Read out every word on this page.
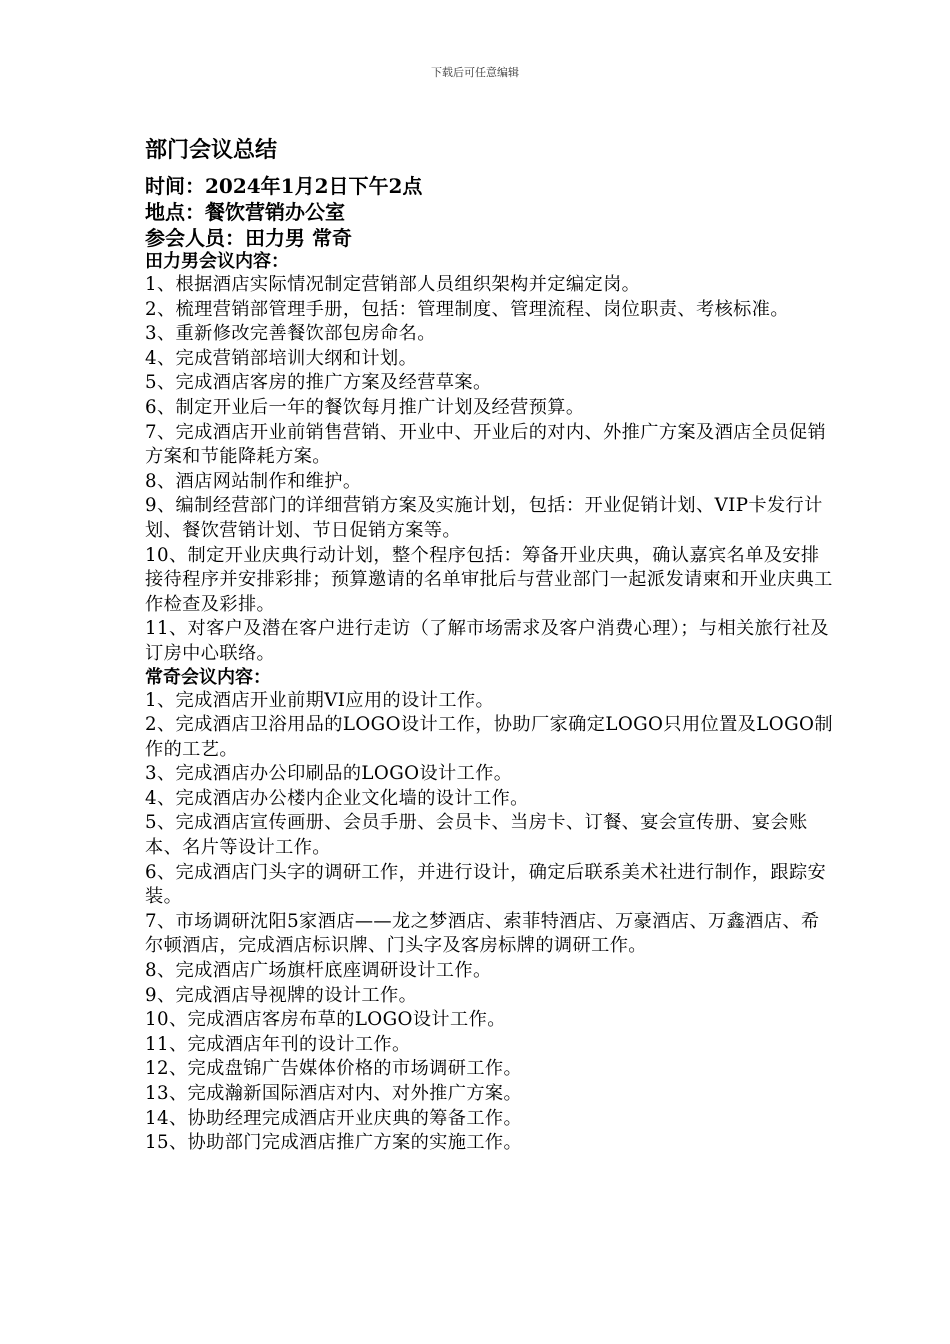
下载后可任意编辑
部门会议总结

时间：2024年1月2日下午2点

地点：餐饮营销办公室

参会人员：田力男 常奇

田力男会议内容：

1、根据酒店实际情况制定营销部人员组织架构并定编定岗。
2、梳理营销部管理手册，包括：管理制度、管理流程、岗位职责、考核标准。
3、重新修改完善餐饮部包房命名。
4、完成营销部培训大纲和计划。
5、完成酒店客房的推广方案及经营草案。
6、制定开业后一年的餐饮每月推广计划及经营预算。
7、完成酒店开业前销售营销、开业中、开业后的对内、外推广方案及酒店全员促销方案和节能降耗方案。
8、酒店网站制作和维护。
9、编制经营部门的详细营销方案及实施计划，包括：开业促销计划、VIP卡发行计划、餐饮营销计划、节日促销方案等。
10、制定开业庆典行动计划，整个程序包括：筹备开业庆典，确认嘉宾名单及安排接待程序并安排彩排；预算邀请的名单审批后与营业部门一起派发请柬和开业庆典工作检查及彩排。
11、对客户及潜在客户进行走访（了解市场需求及客户消费心理）；与相关旅行社及订房中心联络。

常奇会议内容：

1、完成酒店开业前期VI应用的设计工作。
2、完成酒店卫浴用品的LOGO设计工作，协助厂家确定LOGO只用位置及LOGO制作的工艺。
3、完成酒店办公印刷品的LOGO设计工作。
4、完成酒店办公楼内企业文化墙的设计工作。
5、完成酒店宣传画册、会员手册、会员卡、当房卡、订餐、宴会宣传册、宴会账本、名片等设计工作。
6、完成酒店门头字的调研工作，并进行设计，确定后联系美术社进行制作，跟踪安装。
7、市场调研沈阳5家酒店——龙之梦酒店、索菲特酒店、万豪酒店、万鑫酒店、希尔顿酒店，完成酒店标识牌、门头字及客房标牌的调研工作。
8、完成酒店广场旗杆底座调研设计工作。
9、完成酒店导视牌的设计工作。
10、完成酒店客房布草的LOGO设计工作。
11、完成酒店年刊的设计工作。
12、完成盘锦广告媒体价格的市场调研工作。
13、完成瀚新国际酒店对内、对外推广方案。
14、协助经理完成酒店开业庆典的筹备工作。
15、协助部门完成酒店推广方案的实施工作。
